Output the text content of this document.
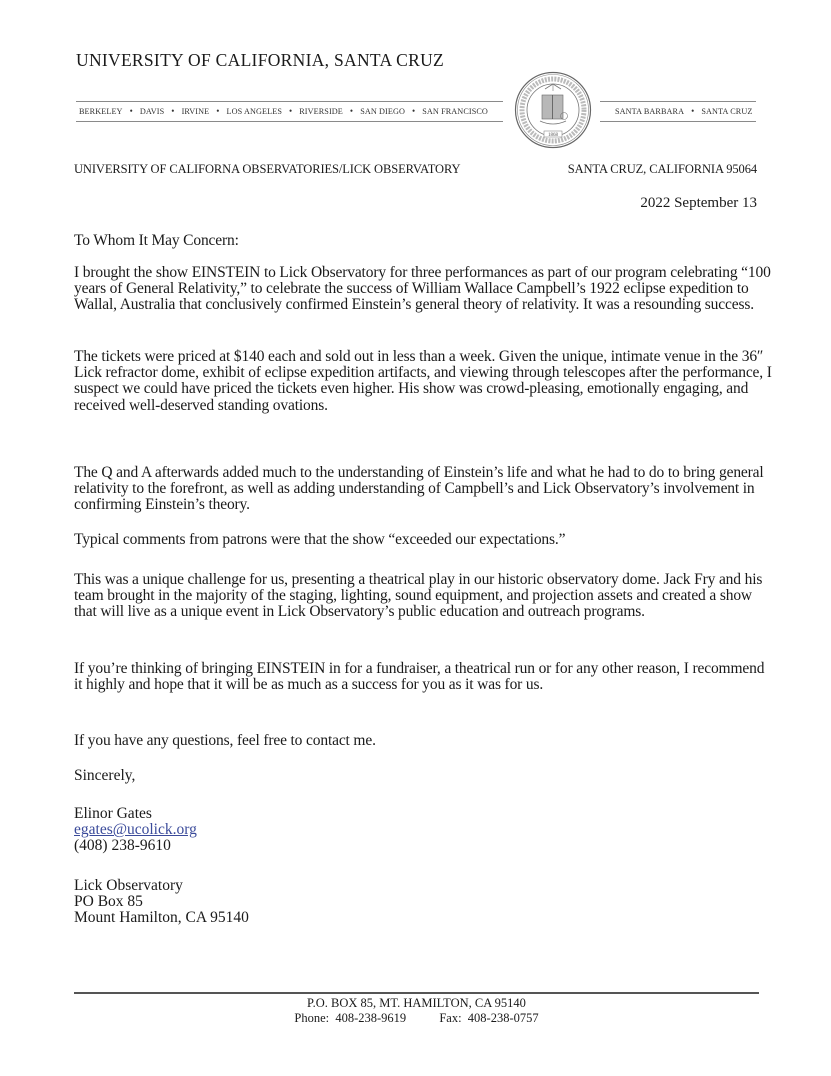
UNIVERSITY OF CALIFORNIA, SANTA CRUZ
BERKELEY • DAVIS • IRVINE • LOS ANGELES • RIVERSIDE • SAN DIEGO • SAN FRANCISCO	SANTA BARBARA • SANTA CRUZ
1868
UNIVERSITY OF CALIFORNA OBSERVATORIES/LICK OBSERVATORY	SANTA CRUZ, CALIFORNIA 95064
2022 September 13

To Whom It May Concern:

I brought the show EINSTEIN to Lick Observatory for three performances as part of our program celebrating “100 years of General Relativity,” to celebrate the success of William Wallace Campbell’s 1922 eclipse expedition to Wallal, Australia that conclusively confirmed Einstein’s general theory of relativity. It was a resounding success.

The tickets were priced at $140 each and sold out in less than a week. Given the unique, intimate venue in the 36″ Lick refractor dome, exhibit of eclipse expedition artifacts, and viewing through telescopes after the performance, I suspect we could have priced the tickets even higher. His show was crowd-pleasing, emotionally engaging, and received well-deserved standing ovations.

The Q and A afterwards added much to the understanding of Einstein’s life and what he had to do to bring general relativity to the forefront, as well as adding understanding of Campbell’s and Lick Observatory’s involvement in confirming Einstein’s theory.

Typical comments from patrons were that the show “exceeded our expectations.”

This was a unique challenge for us, presenting a theatrical play in our historic observatory dome. Jack Fry and his team brought in the majority of the staging, lighting, sound equipment, and projection assets and created a show that will live as a unique event in Lick Observatory’s public education and outreach programs.

If you’re thinking of bringing EINSTEIN in for a fundraiser, a theatrical run or for any other reason, I recommend it highly and hope that it will be as much as a success for you as it was for us.

If you have any questions, feel free to contact me.

Sincerely,
Elinor Gates
egates@ucolick.org
(408) 238-9610
Lick Observatory
PO Box 85
Mount Hamilton, CA 95140
P.O. BOX 85, MT. HAMILTON, CA 95140
Phone: 408-238-9619	Fax: 408-238-0757
